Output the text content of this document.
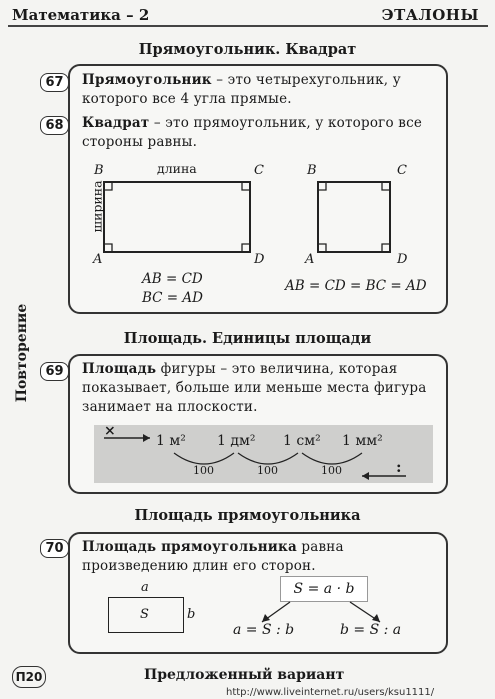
Математика – 2	ЭТАЛОНЫ
Повторение
Прямоугольник. Квадрат
67	Прямоугольник – это четырехугольник, у которого все 4 угла прямые.
68	Квадрат – это прямоугольник, у которого все стороны равны.
B	C
A	D
длина
ширина
AB = CD
BC = AD
B	C
A	D
AB = CD = BC = AD
Площадь. Единицы площади
69	Площадь фигуры – это величина, которая показывает, больше или меньше места фигура занимает на плоскости.
×
:
1 м² 1 дм² 1 см² 1 мм²
100	100	100
Площадь прямоугольника
70	Площадь прямоугольника равна произведению длин его сторон.
a
b
S
S = a · b
a = S : b	b = S : a
П20	Предложенный вариант
http://www.liveinternet.ru/users/ksu1111/
